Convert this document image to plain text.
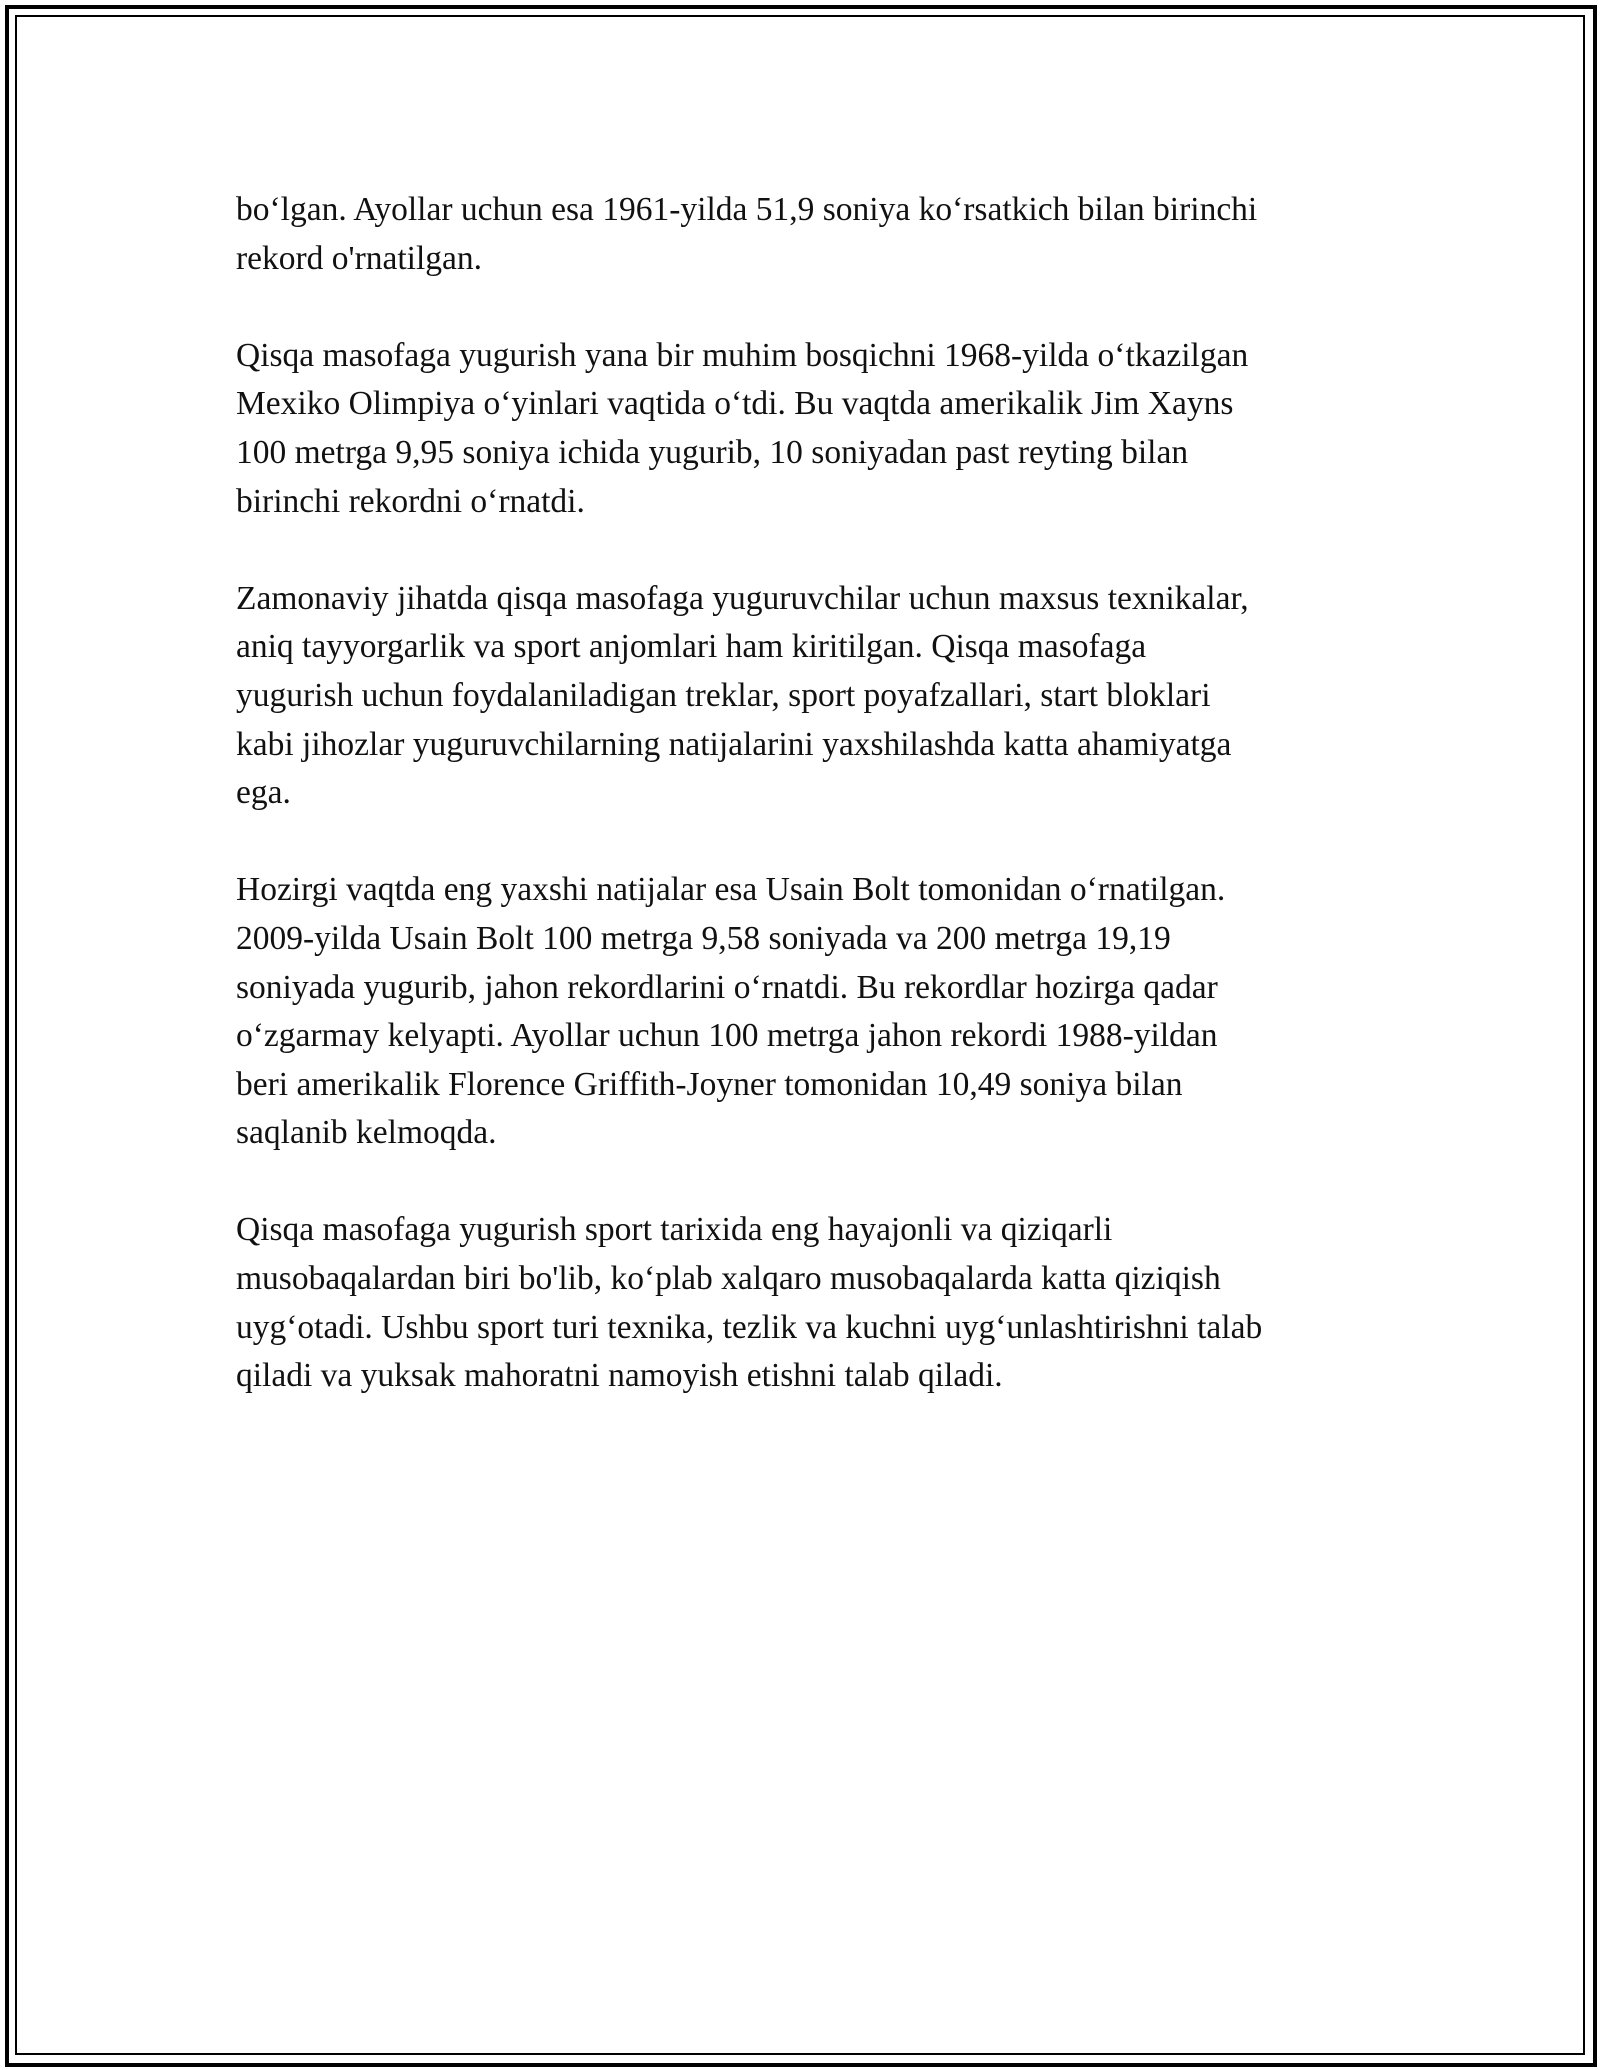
bo‘lgan. Ayollar uchun esa 1961-yilda 51,9 soniya ko‘rsatkich bilan birinchi
rekord o'rnatilgan.

Qisqa masofaga yugurish yana bir muhim bosqichni 1968-yilda o‘tkazilgan
Mexiko Olimpiya o‘yinlari vaqtida o‘tdi. Bu vaqtda amerikalik Jim Xayns
100 metrga 9,95 soniya ichida yugurib, 10 soniyadan past reyting bilan
birinchi rekordni o‘rnatdi.

Zamonaviy jihatda qisqa masofaga yuguruvchilar uchun maxsus texnikalar,
aniq tayyorgarlik va sport anjomlari ham kiritilgan. Qisqa masofaga
yugurish uchun foydalaniladigan treklar, sport poyafzallari, start bloklari
kabi jihozlar yuguruvchilarning natijalarini yaxshilashda katta ahamiyatga
ega.

Hozirgi vaqtda eng yaxshi natijalar esa Usain Bolt tomonidan o‘rnatilgan.
2009-yilda Usain Bolt 100 metrga 9,58 soniyada va 200 metrga 19,19
soniyada yugurib, jahon rekordlarini o‘rnatdi. Bu rekordlar hozirga qadar
o‘zgarmay kelyapti. Ayollar uchun 100 metrga jahon rekordi 1988-yildan
beri amerikalik Florence Griffith-Joyner tomonidan 10,49 soniya bilan
saqlanib kelmoqda.

Qisqa masofaga yugurish sport tarixida eng hayajonli va qiziqarli
musobaqalardan biri bo'lib, ko‘plab xalqaro musobaqalarda katta qiziqish
uyg‘otadi. Ushbu sport turi texnika, tezlik va kuchni uyg‘unlashtirishni talab
qiladi va yuksak mahoratni namoyish etishni talab qiladi.
